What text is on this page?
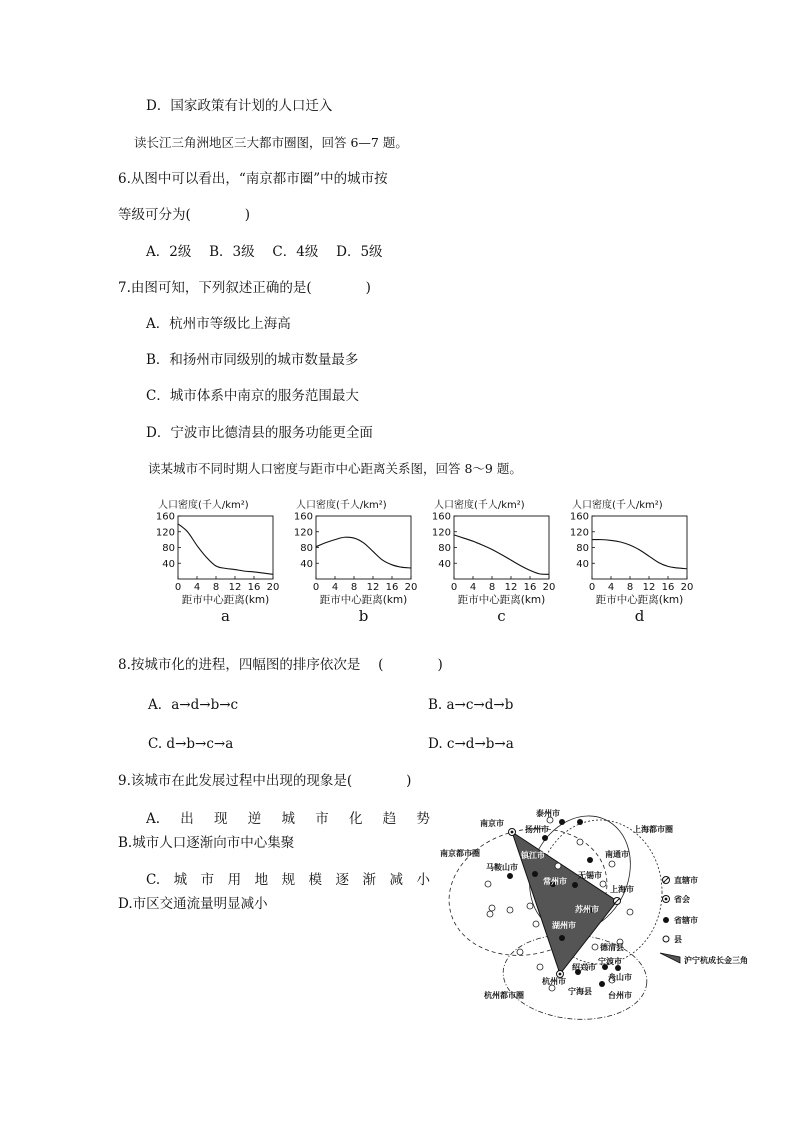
D．国家政策有计划的人口迁入
读长江三角洲地区三大都市圈图，回答 6—7 题。
6.从图中可以看出，“南京都市圈”中的城市按
等级可分为(　　　　)
A．2级　 B．3级　 C．4级　 D．5级
7.由图可知，下列叙述正确的是(　　　　)
A．杭州市等级比上海高
B．和扬州市同级别的城市数量最多
C．城市体系中南京的服务范围最大
D．宁波市比德清县的服务功能更全面
读某城市不同时期人口密度与距市中心距离关系图，回答 8～9 题。
人口密度(千人/km²)
40
80
120
160
0 4 8 12 16 20
距市中心距离(km)
a
人口密度(千人/km²)
40
80
120
160
0 4 8 12 16 20
距市中心距离(km)
b
人口密度(千人/km²)
40
80
120
160
0 4 8 12 16 20
距市中心距离(km)
c
人口密度(千人/km²)
40
80
120
160
0 4 8 12 16 20
距市中心距离(km)
d
8.按城市化的进程，四幅图的排序依次是　 (　　　　)
A．a→d→b→c	B. a→c→d→b
C. d→b→c→a	D. c→d→b→a
9.该城市在此发展过程中出现的现象是(　　　　)
A. 出 现 逆 城 市 化 趋 势
B.城市人口逐渐向市中心集聚
C. 城 市 用 地 规 模 逐 渐 减 小
D.市区交通流量明显减小
南京市
泰州市
扬州市
镇江市
南京都市圈
马鞍山市
常州市
无锡市
上海都市圈
南通市
上海市
苏州市
湖州市
德清县
绍兴市
宁波市
杭州市
宁海县
舟山市
台州市
杭州都市圈
直辖市
省会
省辖市
县
沪宁杭成长金三角
